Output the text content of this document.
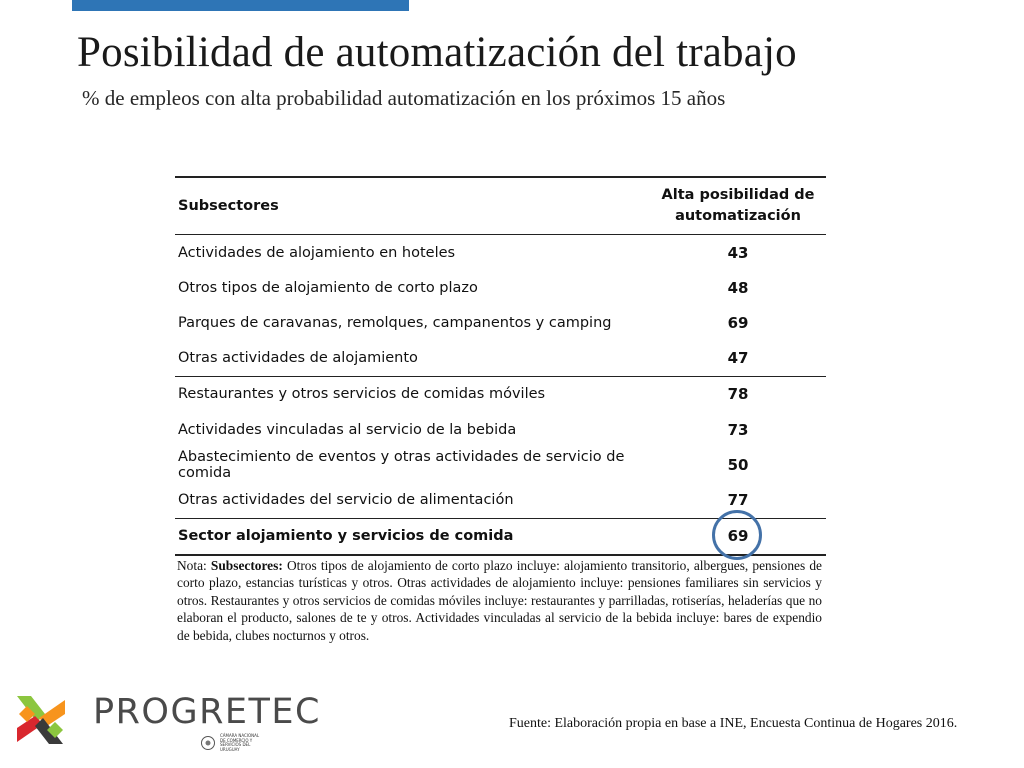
Posibilidad de automatización del trabajo

% de empleos con alta probabilidad automatización en los próximos 15 años

Subsectores	Alta posibilidad de
automatización
Actividades de alojamiento en hoteles	43
Otros tipos de alojamiento de corto plazo	48
Parques de caravanas, remolques, campanentos y camping	69
Otras actividades de alojamiento	47
Restaurantes y otros servicios de comidas móviles	78
Actividades vinculadas al servicio de la bebida	73
Abastecimiento de eventos y otras actividades de servicio de comida	50
Otras actividades del servicio de alimentación	77
Sector alojamiento y servicios de comida	69

Nota: Subsectores: Otros tipos de alojamiento de corto plazo incluye: alojamiento transitorio, albergues, pensiones de corto plazo, estancias turísticas y otros. Otras actividades de alojamiento incluye: pensiones familiares sin servicios y otros. Restaurantes y otros servicios de comidas móviles incluye: restaurantes y parrilladas, rotiserías, heladerías que no elaboran el producto, salones de te y otros. Actividades vinculadas al servicio de la bebida incluye: bares de expendio de bebida, clubes nocturnos y otros.

Fuente: Elaboración propia en base a INE, Encuesta Continua de Hogares 2016.

PROGRETEC

CÁMARA NACIONAL
DE COMERCIO Y
SERVICIOS DEL
URUGUAY
